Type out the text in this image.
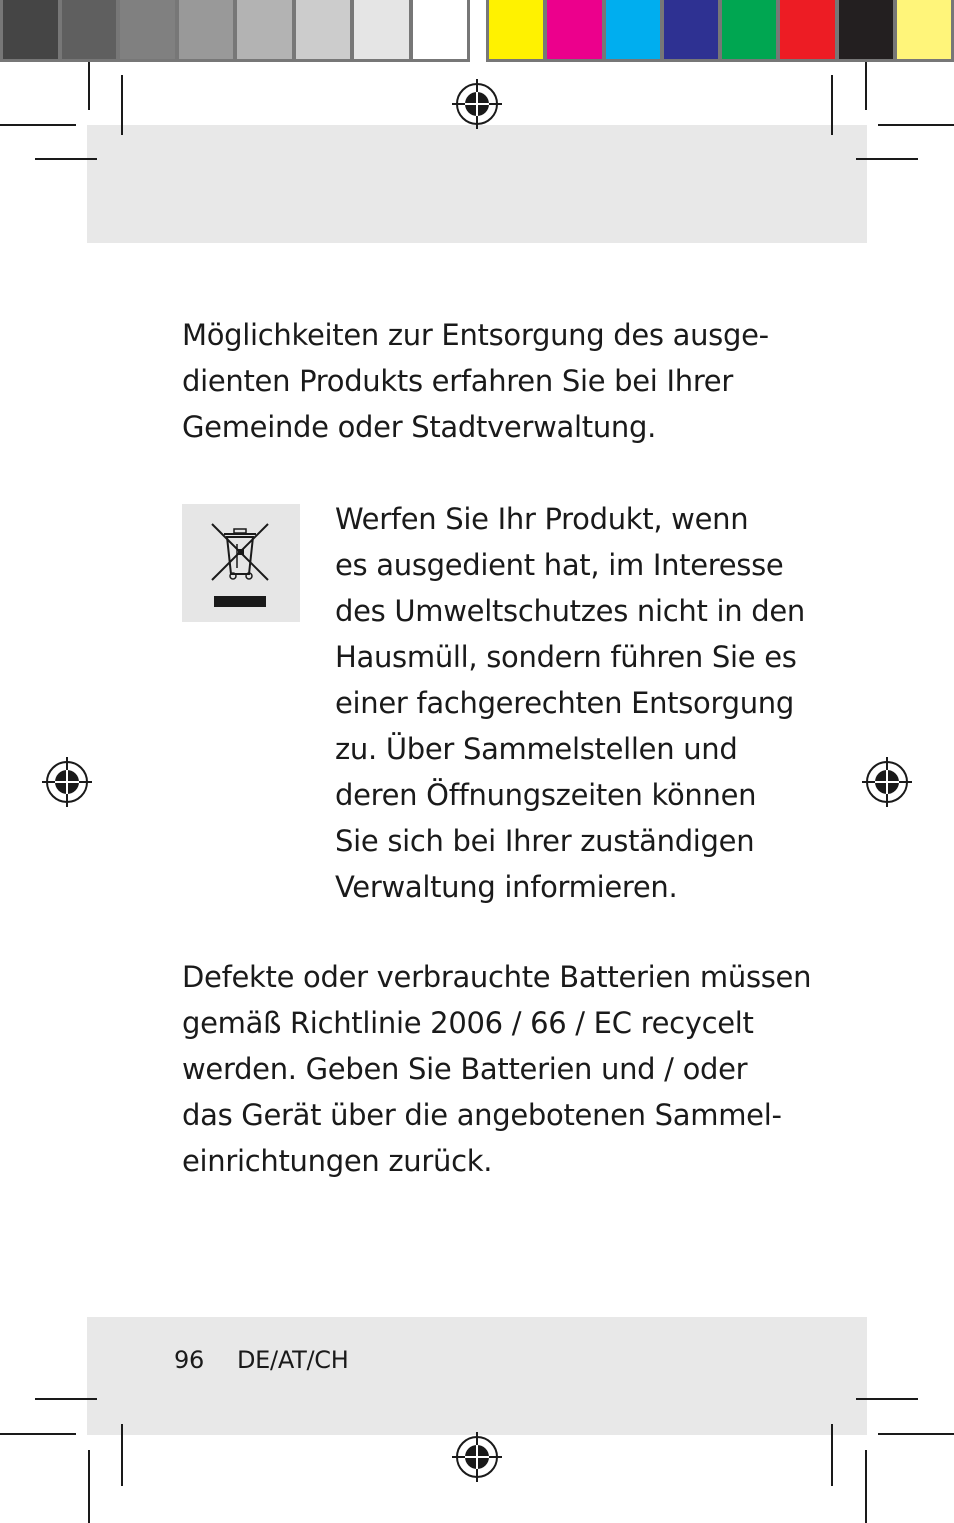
Möglichkeiten zur Entsorgung des ausge-
dienten Produkts erfahren Sie bei Ihrer
Gemeinde oder Stadtverwaltung.

Werfen Sie Ihr Produkt, wenn
es ausgedient hat, im Interesse
des Umweltschutzes nicht in den
Hausmüll, sondern führen Sie es
einer fachgerechten Entsorgung
zu. Über Sammelstellen und
deren Öffnungszeiten können
Sie sich bei Ihrer zuständigen
Verwaltung informieren.

Defekte oder verbrauchte Batterien müssen
gemäß Richtlinie 2006 / 66 / EC recycelt
werden. Geben Sie Batterien und / oder
das Gerät über die angebotenen Sammel-
einrichtungen zurück.

96 DE/AT/CH
